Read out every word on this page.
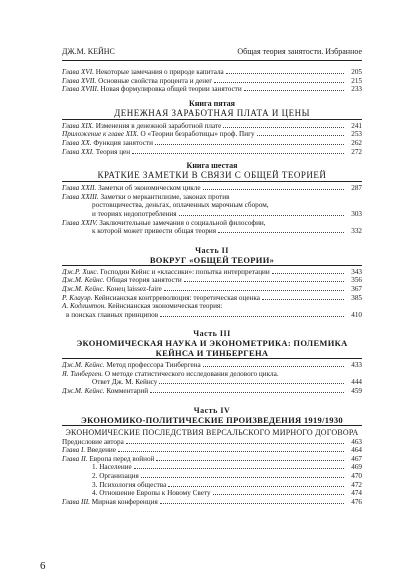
ДЖ.М. КЕЙНС	Общая теория занятости. Избранное
Глава XVI. Некоторые замечания о природе капитала	205
Глава XVII. Основные свойства процента и денег	215
Глава XVIII. Новая формулировка общей теории занятости	233
Книга пятая
ДЕНЕЖНАЯ ЗАРАБОТНАЯ ПЛАТА И ЦЕНЫ
Глава XIX. Изменения в денежной заработной плате	241
Приложение к главе XIX. О «Теории безработицы» проф. Пигу	253
Глава XX. Функция занятости	262
Глава XXI. Теория цен	272
Книга шестая
КРАТКИЕ ЗАМЕТКИ В СВЯЗИ С ОБЩЕЙ ТЕОРИЕЙ
Глава XXII. Заметки об экономическом цикле	287
Глава XXIII. Заметки о меркантилизме, законах против
ростовщичества, деньгах, оплаченных марочным сбором,
и теориях недопотребления	303
Глава XXIV. Заключительные замечания о социальной философии,
к которой может привести общая теория	332
Часть II
ВОКРУГ «ОБЩЕЙ ТЕОРИИ»
Дж.Р. Хикс. Господин Кейнс и «классики»: попытка интерпретации	343
Дж.М. Кейнс. Общая теория занятости	356
Дж.М. Кейнс. Конец laissez-faire	367
Р. Клауэр. Кейнсианская контрреволюция: теоретическая оценка	385
А. Кодлинтон. Кейнсианская экономическая теория:
в поисках главных принципов	410
Часть III
ЭКОНОМИЧЕСКАЯ НАУКА И ЭКОНОМЕТРИКА: ПОЛЕМИКА
КЕЙНСА И ТИНБЕРГЕНА
Дж.М. Кейнс. Метод профессора Тинбергена	433
Я. Тинберген. О методе статистического исследования делового цикла.
Ответ Дж. М. Кейнсу	444
Дж.М. Кейнс. Комментарий	459
Часть IV
ЭКОНОМИКО-ПОЛИТИЧЕСКИЕ ПРОИЗВЕДЕНИЯ 1919/1930
ЭКОНОМИЧЕСКИЕ ПОСЛЕДСТВИЯ ВЕРСАЛЬСКОГО МИРНОГО ДОГОВОРА
Предисловие автора	463
Глава I. Введение	464
Глава II. Европа перед войной	467
1. Население	469
2. Организация	470
3. Психология общества	472
4. Отношение Европы к Новому Свету	474
Глава III. Мирная конференция	476
6
